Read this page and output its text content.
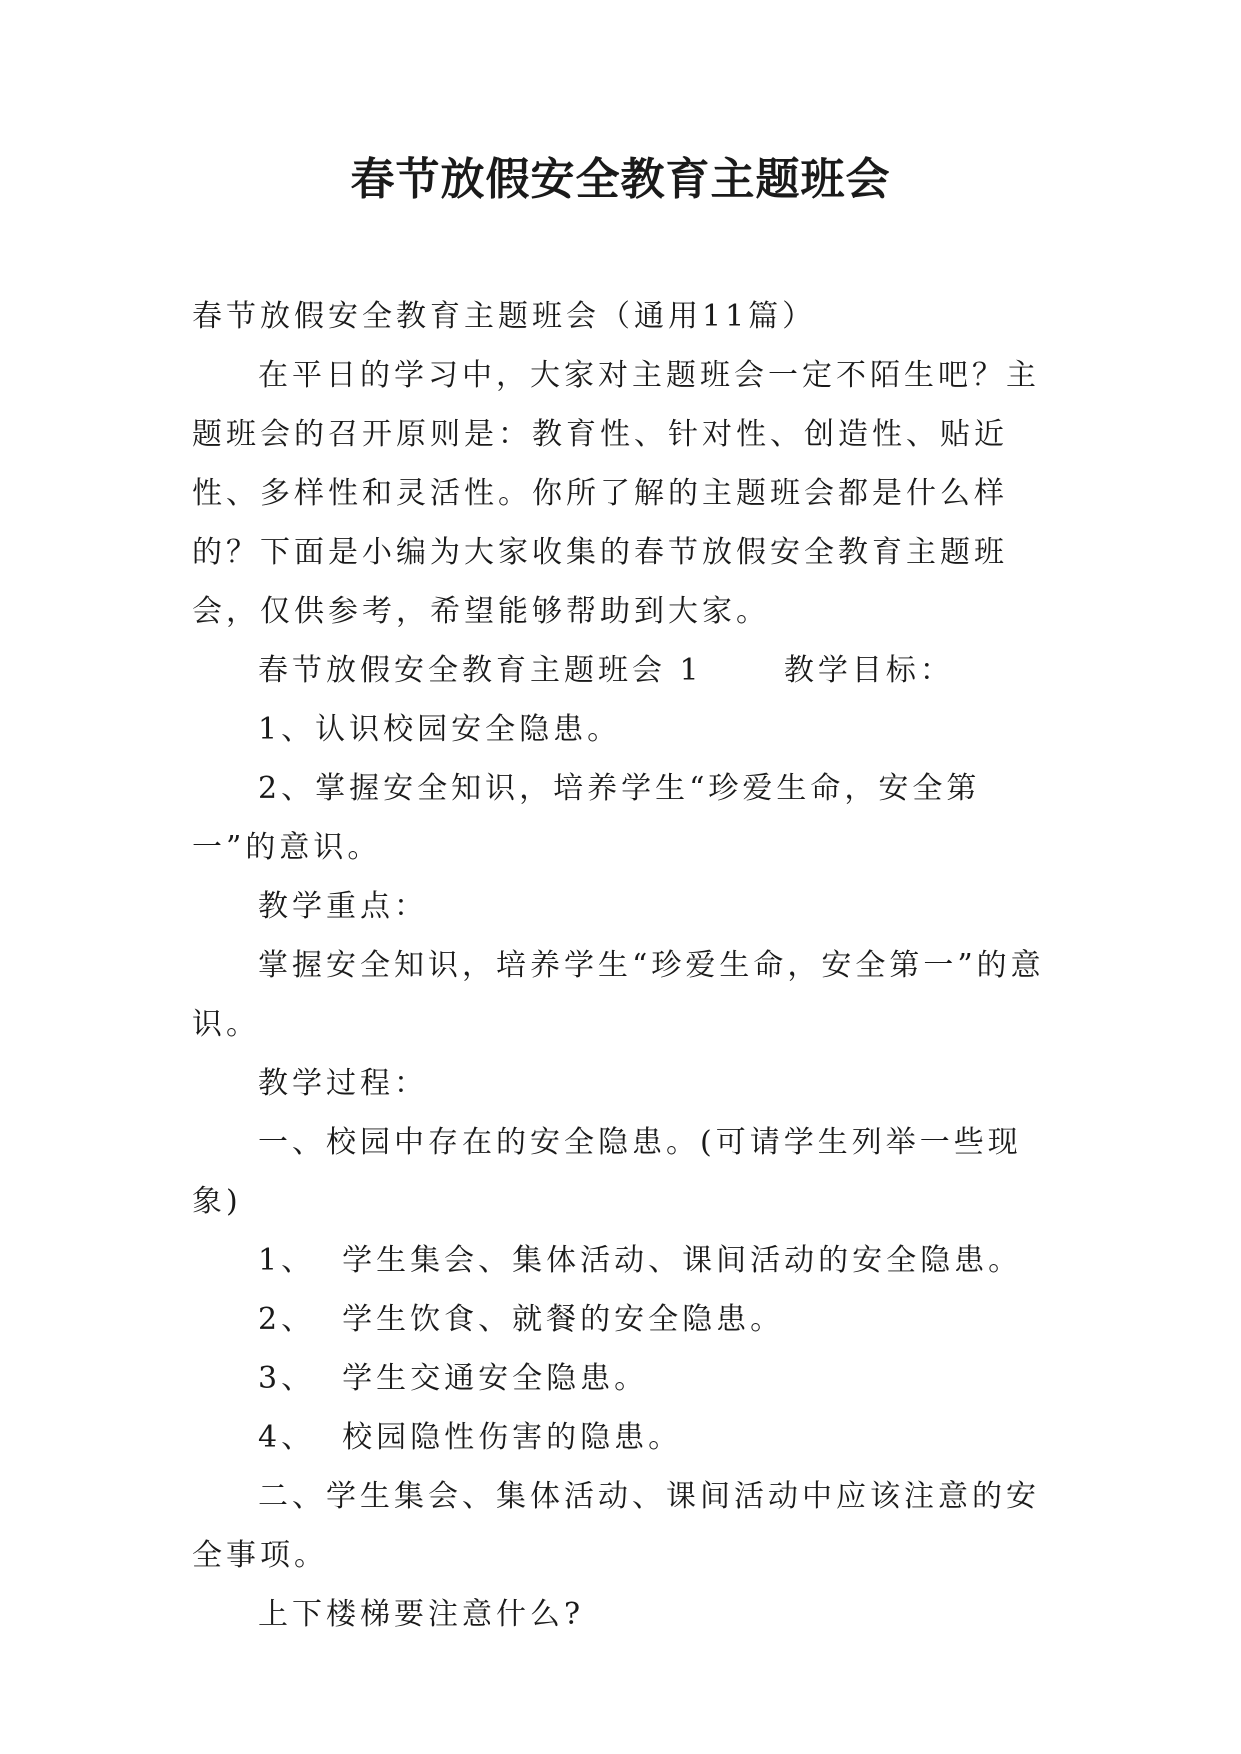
春节放假安全教育主题班会

春节放假安全教育主题班会（通用11篇）

在平日的学习中，大家对主题班会一定不陌生吧？主题班会的召开原则是：教育性、针对性、创造性、贴近性、多样性和灵活性。你所了解的主题班会都是什么样的？下面是小编为大家收集的春节放假安全教育主题班会，仅供参考，希望能够帮助到大家。

春节放假安全教育主题班会 1      教学目标：

1、认识校园安全隐患。

2、掌握安全知识，培养学生“珍爱生命，安全第一”的意识。

教学重点：

掌握安全知识，培养学生“珍爱生命，安全第一”的意识。

教学过程：

一、校园中存在的安全隐患。(可请学生列举一些现象)

1、  学生集会、集体活动、课间活动的安全隐患。

2、  学生饮食、就餐的安全隐患。

3、  学生交通安全隐患。

4、  校园隐性伤害的隐患。

二、学生集会、集体活动、课间活动中应该注意的安全事项。

上下楼梯要注意什么?
